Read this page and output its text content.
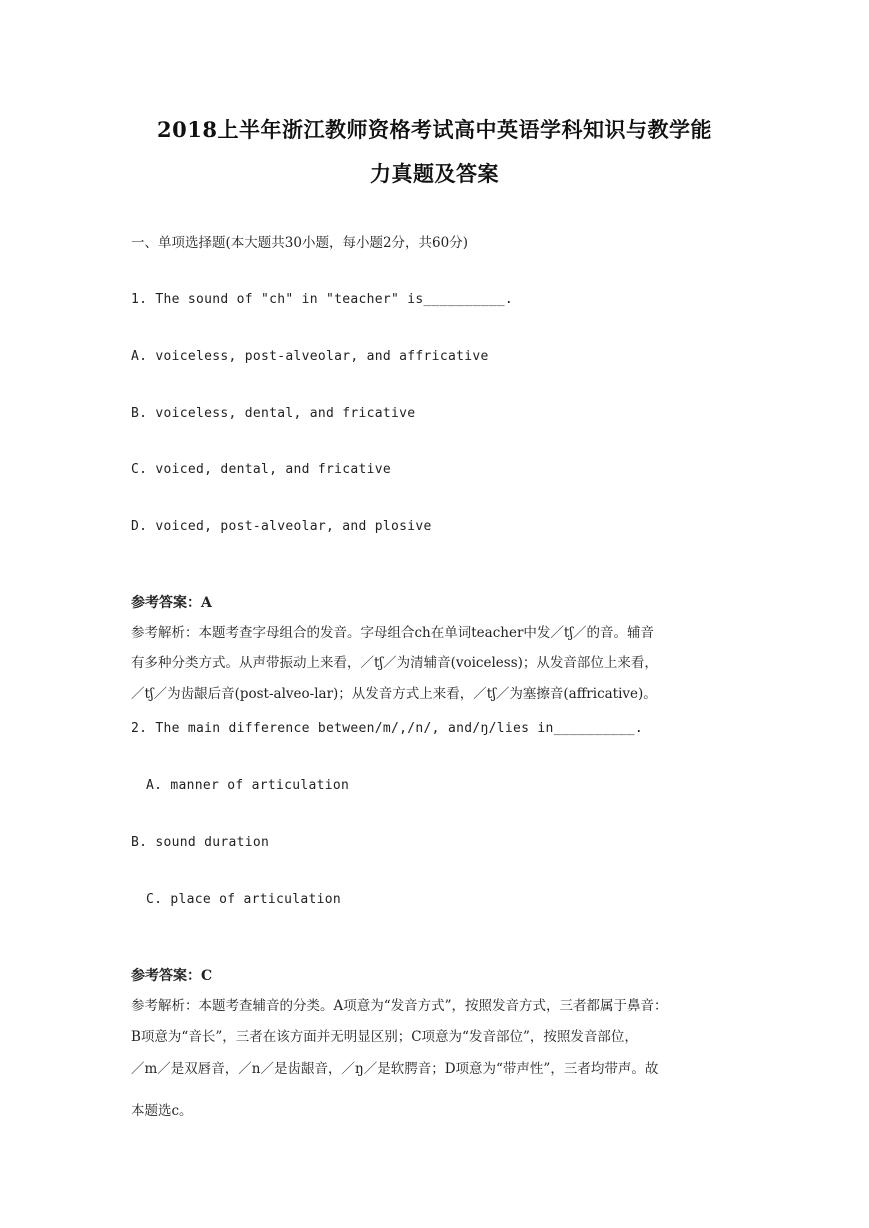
2018上半年浙江教师资格考试高中英语学科知识与教学能
力真题及答案
一、单项选择题(本大题共30小题，每小题2分，共60分)
1. The sound of "ch" in "teacher" is__________.
A. voiceless, post-alveolar, and affricative
B. voiceless, dental, and fricative
C. voiced, dental, and fricative
D. voiced, post-alveolar, and plosive
参考答案：A
参考解析：本题考查字母组合的发音。字母组合ch在单词teacher中发／tʃ／的音。辅音
有多种分类方式。从声带振动上来看，／tʃ／为清辅音(voiceless)；从发音部位上来看，
／tʃ／为齿龈后音(post-alveo-lar)；从发音方式上来看，／tʃ／为塞擦音(affricative)。
2. The main difference between/m/,/n/, and/ŋ/lies in__________.
A. manner of articulation
B. sound duration
C. place of articulation
参考答案：C
参考解析：本题考查辅音的分类。A项意为“发音方式”，按照发音方式，三者都属于鼻音：
B项意为“音长”，三者在该方面并无明显区别；C项意为“发音部位”，按照发音部位，
／m／是双唇音，／n／是齿龈音，／ŋ／是软腭音；D项意为“带声性”，三者均带声。故
本题选c。
